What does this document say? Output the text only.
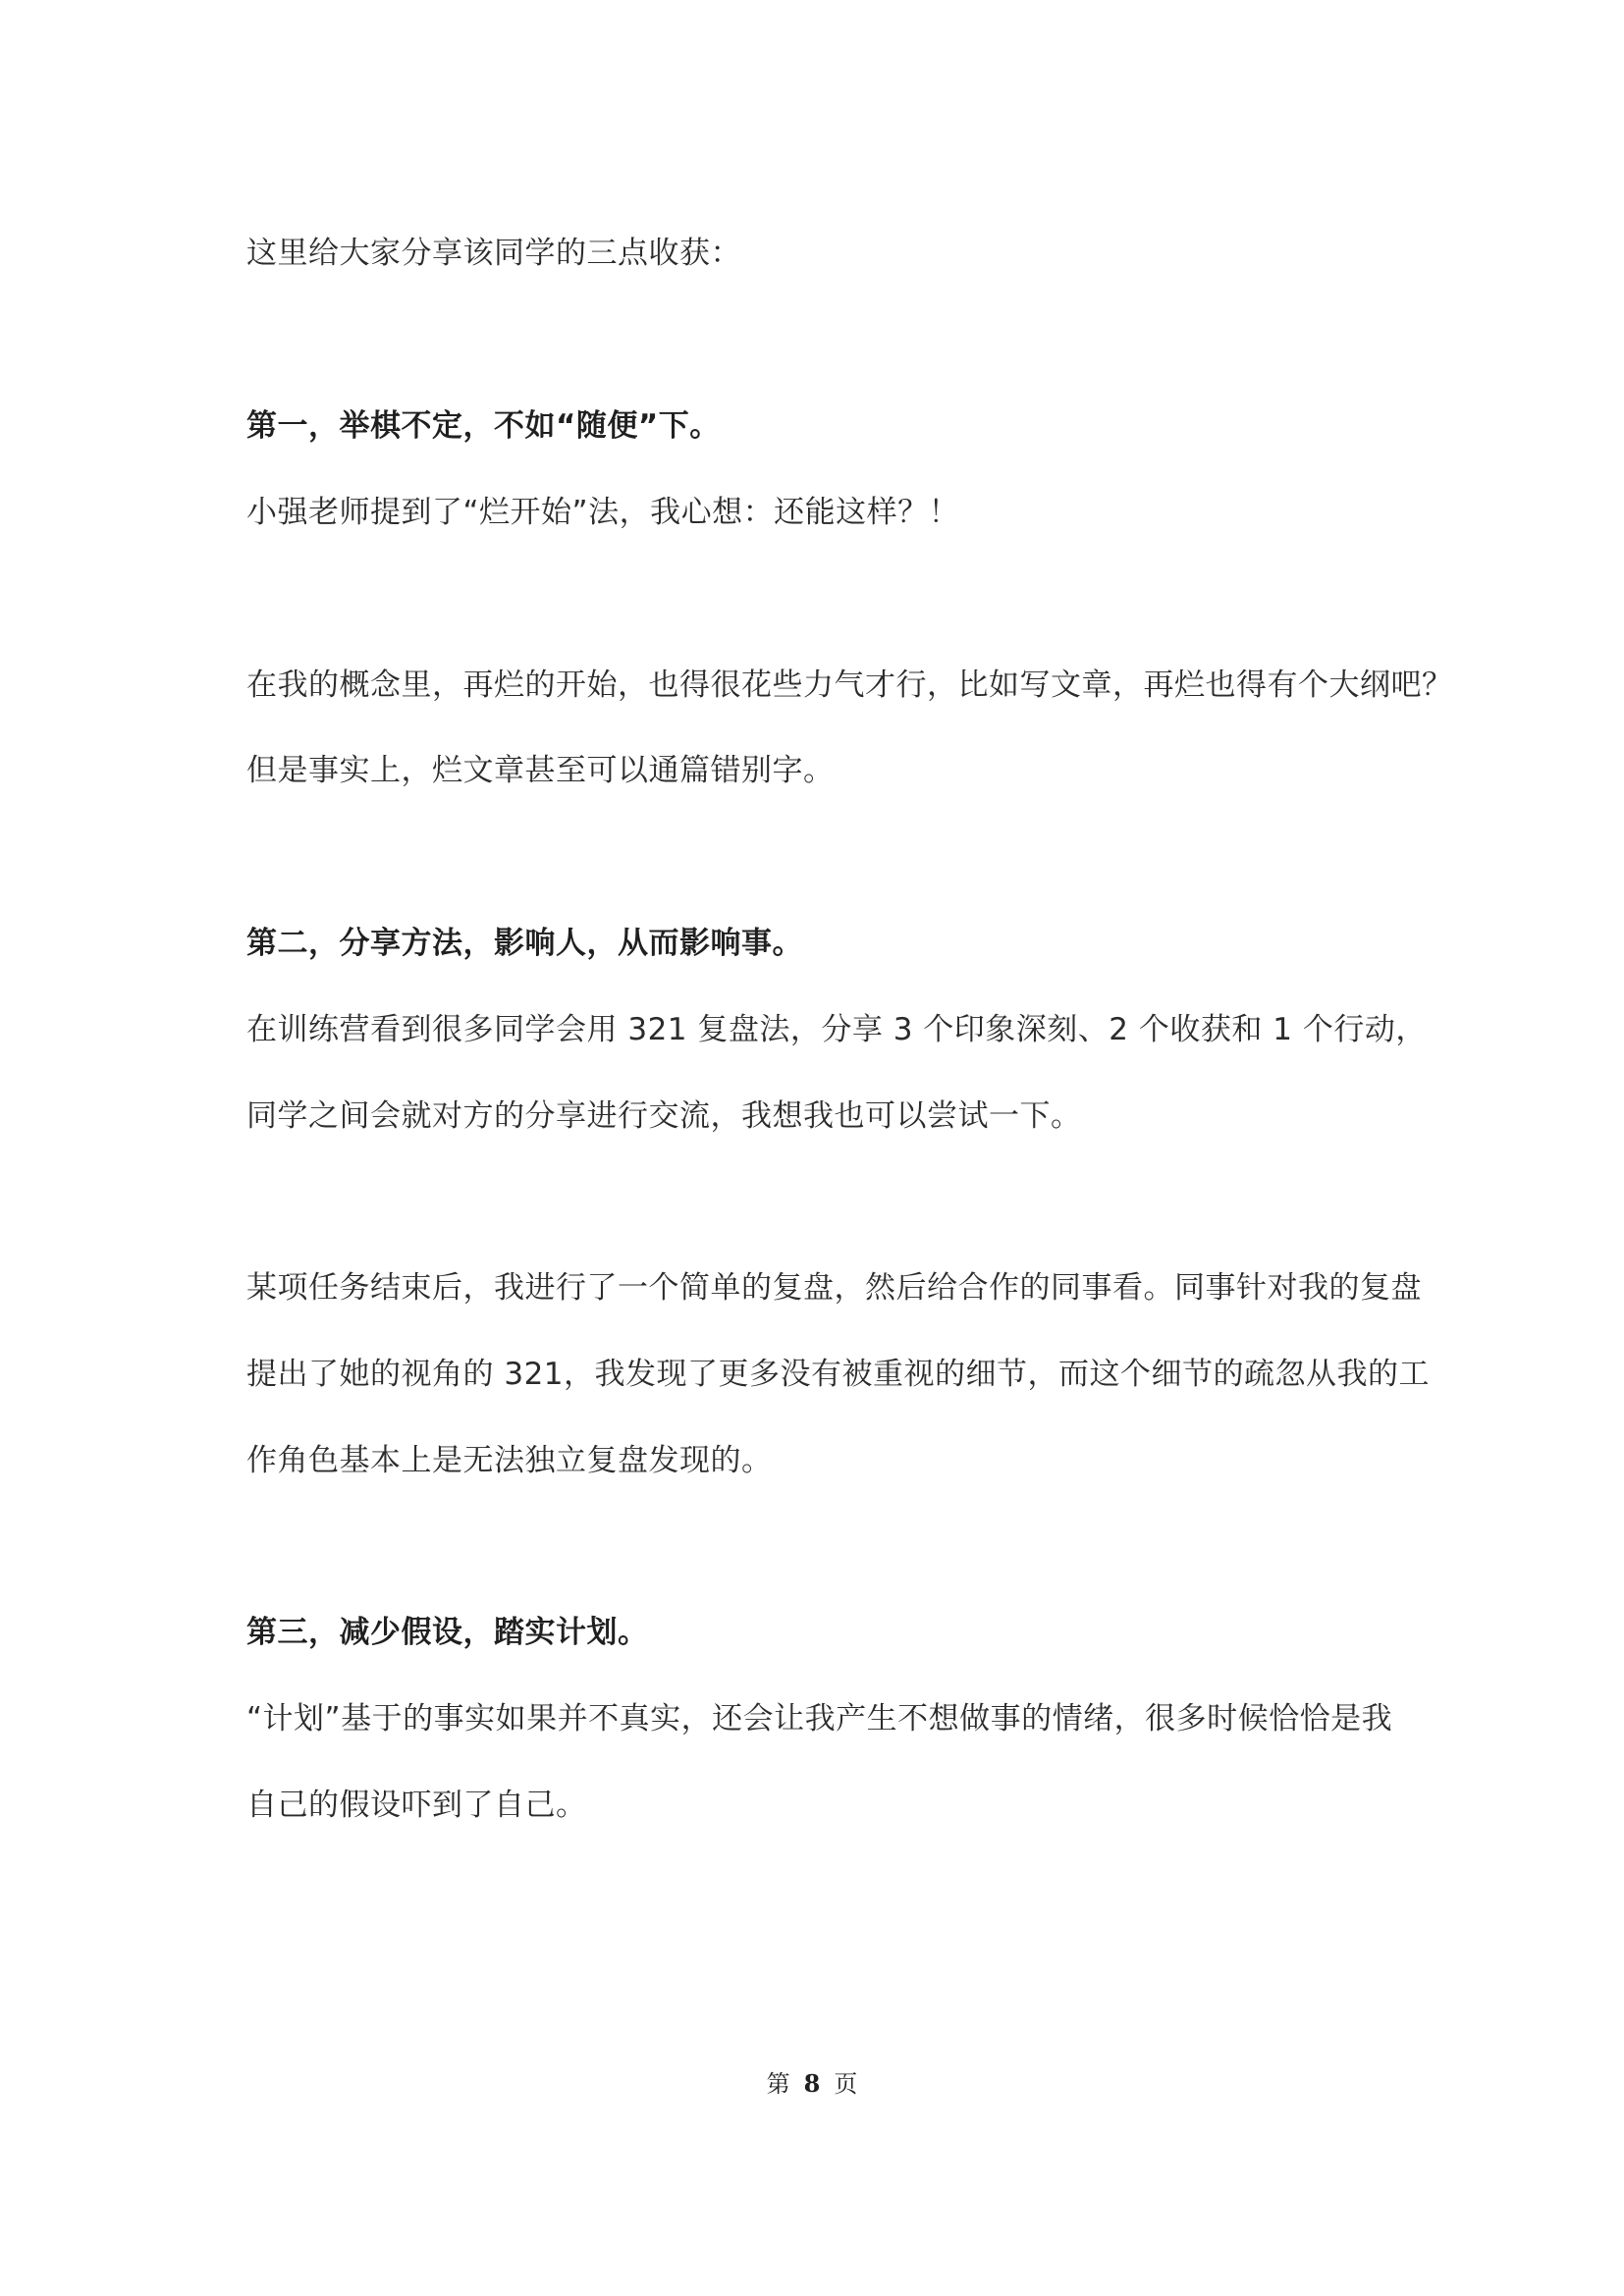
这里给大家分享该同学的三点收获：

第一，举棋不定，不如“随便”下。

小强老师提到了“烂开始”法，我心想：还能这样？！

在我的概念里，再烂的开始，也得很花些力气才行，比如写文章，再烂也得有个大纲吧？

但是事实上，烂文章甚至可以通篇错别字。

第二，分享方法，影响人，从而影响事。

在训练营看到很多同学会用 321 复盘法，分享 3 个印象深刻、2 个收获和 1 个行动，

同学之间会就对方的分享进行交流，我想我也可以尝试一下。

某项任务结束后，我进行了一个简单的复盘，然后给合作的同事看。同事针对我的复盘

提出了她的视角的 321，我发现了更多没有被重视的细节，而这个细节的疏忽从我的工

作角色基本上是无法独立复盘发现的。

第三，减少假设，踏实计划。

“计划”基于的事实如果并不真实，还会让我产生不想做事的情绪，很多时候恰恰是我

自己的假设吓到了自己。

第 8 页
